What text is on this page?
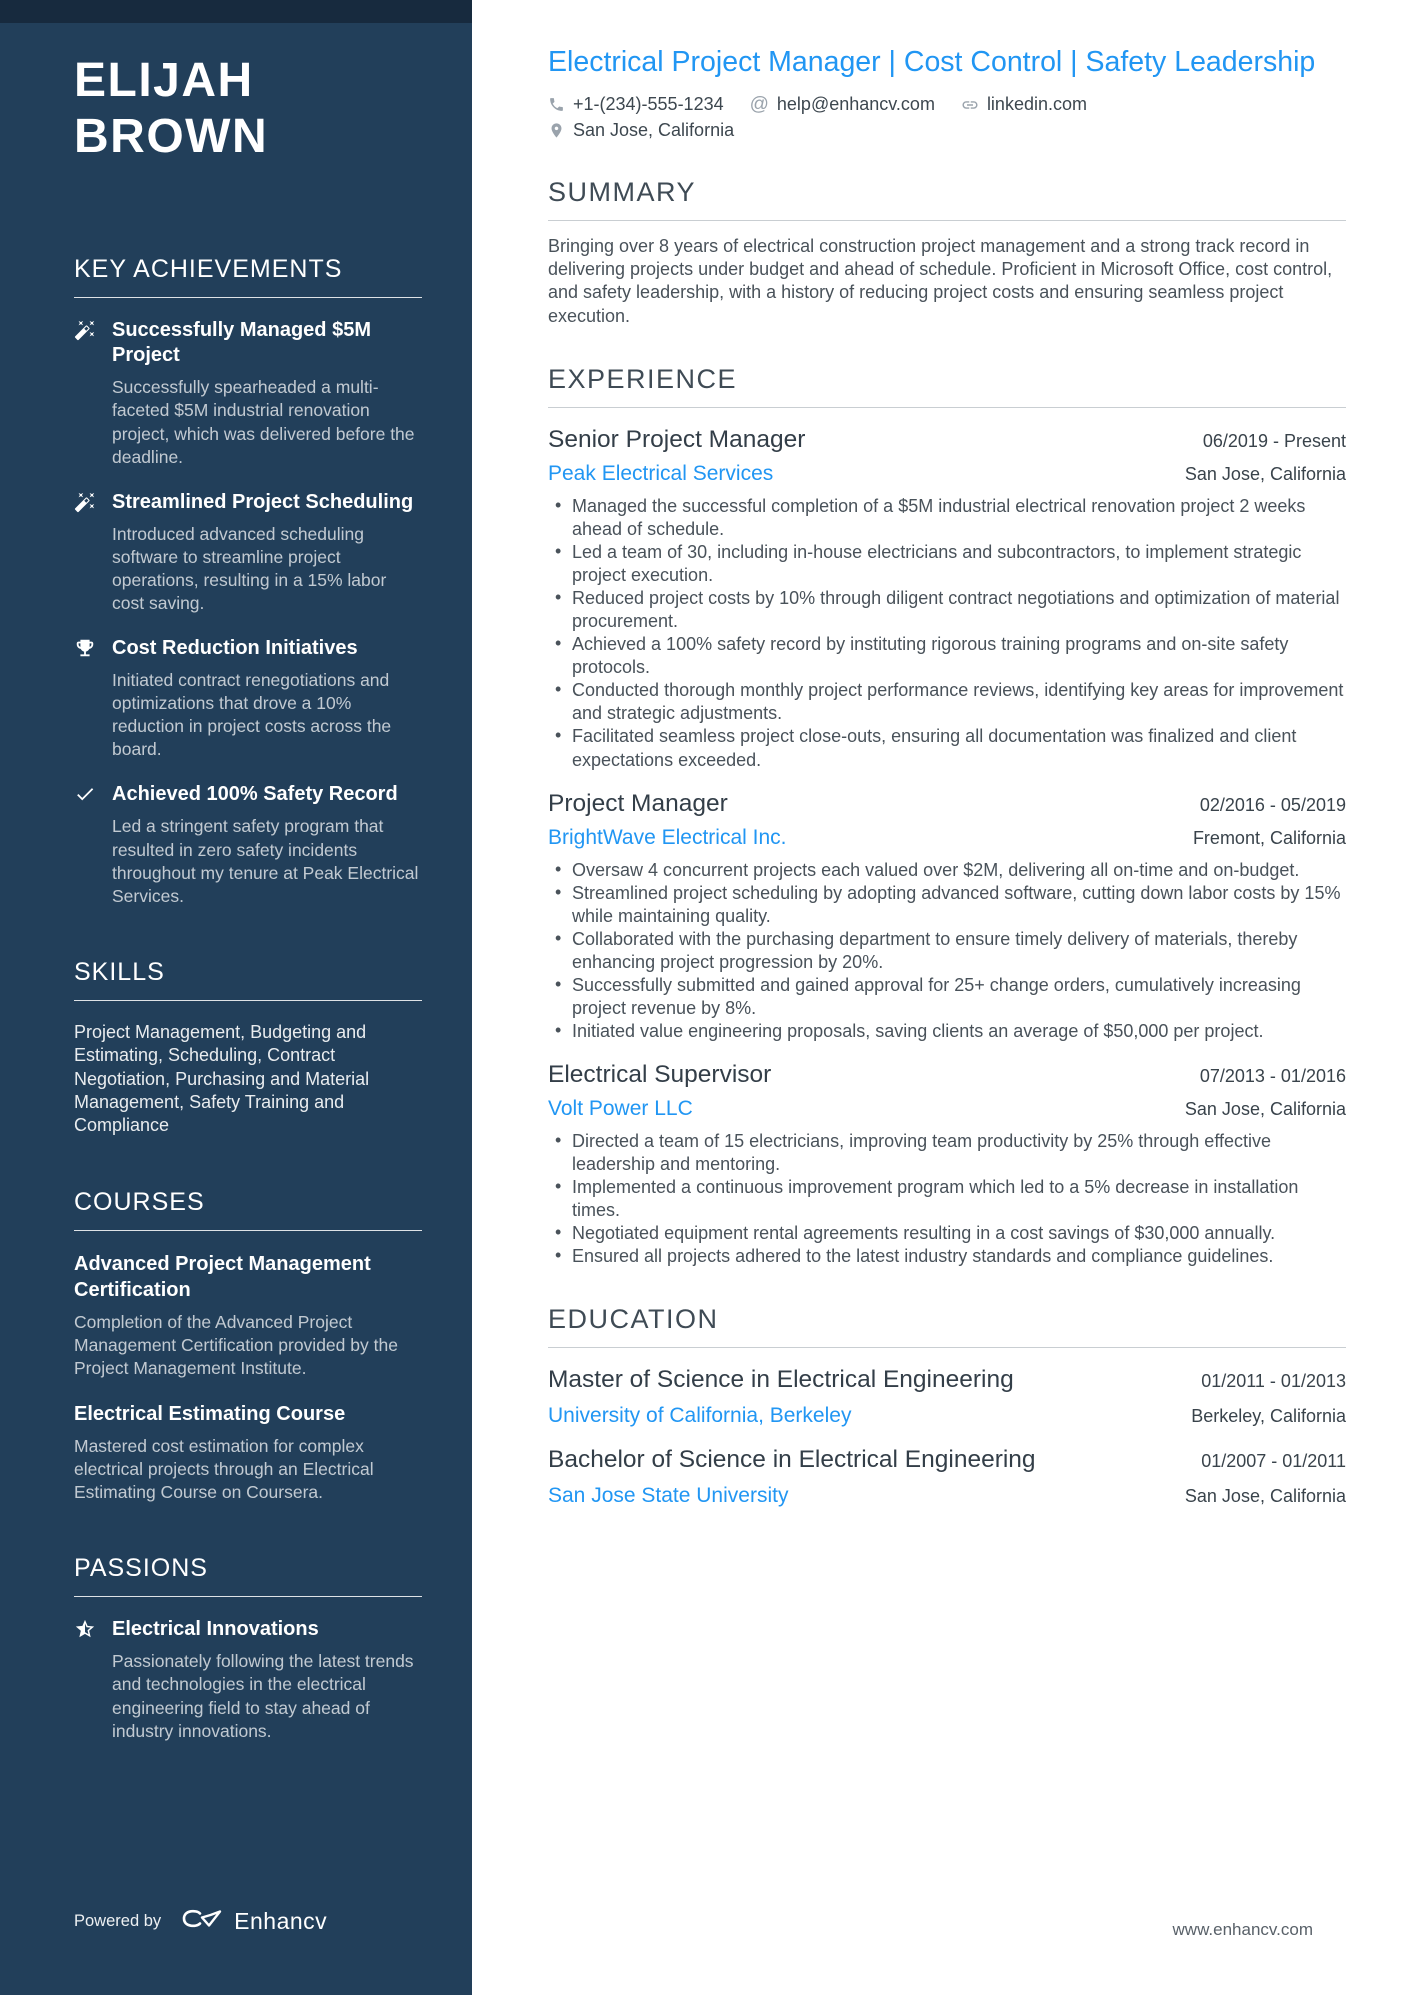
ELIJAH BROWN
KEY ACHIEVEMENTS
Successfully Managed $5M Project
Successfully spearheaded a multi-faceted $5M industrial renovation project, which was delivered before the deadline.
Streamlined Project Scheduling
Introduced advanced scheduling software to streamline project operations, resulting in a 15% labor cost saving.
Cost Reduction Initiatives
Initiated contract renegotiations and optimizations that drove a 10% reduction in project costs across the board.
Achieved 100% Safety Record
Led a stringent safety program that resulted in zero safety incidents throughout my tenure at Peak Electrical Services.
SKILLS
Project Management, Budgeting and Estimating, Scheduling, Contract Negotiation, Purchasing and Material Management, Safety Training and Compliance
COURSES
Advanced Project Management Certification
Completion of the Advanced Project Management Certification provided by the Project Management Institute.
Electrical Estimating Course
Mastered cost estimation for complex electrical projects through an Electrical Estimating Course on Coursera.
PASSIONS
Electrical Innovations
Passionately following the latest trends and technologies in the electrical engineering field to stay ahead of industry innovations.
Powered by	Enhancv
Electrical Project Manager | Cost Control | Safety Leadership
+1-(234)-555-1234 @ help@enhancv.com	linkedin.com
San Jose, California
SUMMARY

Bringing over 8 years of electrical construction project management and a strong track record in delivering projects under budget and ahead of schedule. Proficient in Microsoft Office, cost control, and safety leadership, with a history of reducing project costs and ensuring seamless project execution.

EXPERIENCE
Senior Project Manager	06/2019 - Present
Peak Electrical Services	San Jose, California
• Managed the successful completion of a $5M industrial electrical renovation project 2 weeks ahead of schedule.
• Led a team of 30, including in-house electricians and subcontractors, to implement strategic project execution.
• Reduced project costs by 10% through diligent contract negotiations and optimization of material procurement.
• Achieved a 100% safety record by instituting rigorous training programs and on-site safety protocols.
• Conducted thorough monthly project performance reviews, identifying key areas for improvement and strategic adjustments.
• Facilitated seamless project close-outs, ensuring all documentation was finalized and client expectations exceeded.
Project Manager	02/2016 - 05/2019
BrightWave Electrical Inc.	Fremont, California
• Oversaw 4 concurrent projects each valued over $2M, delivering all on-time and on-budget.
• Streamlined project scheduling by adopting advanced software, cutting down labor costs by 15% while maintaining quality.
• Collaborated with the purchasing department to ensure timely delivery of materials, thereby enhancing project progression by 20%.
• Successfully submitted and gained approval for 25+ change orders, cumulatively increasing project revenue by 8%.
• Initiated value engineering proposals, saving clients an average of $50,000 per project.
Electrical Supervisor	07/2013 - 01/2016
Volt Power LLC	San Jose, California
• Directed a team of 15 electricians, improving team productivity by 25% through effective leadership and mentoring.
• Implemented a continuous improvement program which led to a 5% decrease in installation times.
• Negotiated equipment rental agreements resulting in a cost savings of $30,000 annually.
• Ensured all projects adhered to the latest industry standards and compliance guidelines.
EDUCATION
Master of Science in Electrical Engineering	01/2011 - 01/2013
University of California, Berkeley	Berkeley, California
Bachelor of Science in Electrical Engineering	01/2007 - 01/2011
San Jose State University	San Jose, California
www.enhancv.com
